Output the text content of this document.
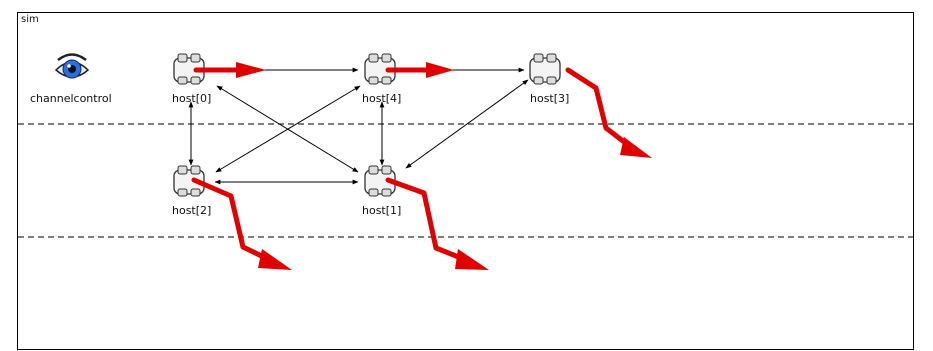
sim
channelcontrol	host[0]	host[4]	host[3]
host[2]	host[1]
